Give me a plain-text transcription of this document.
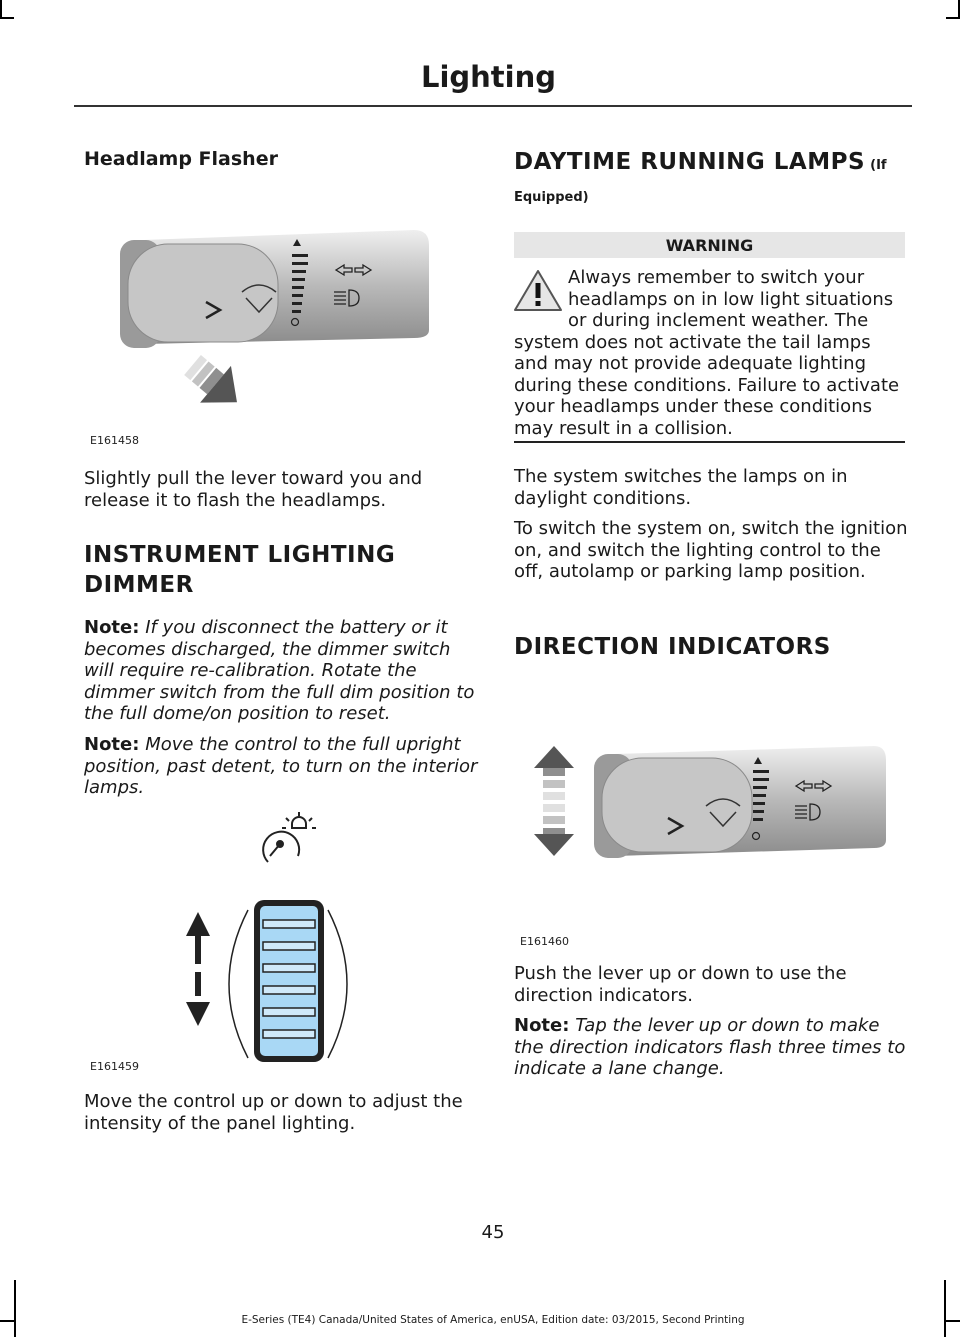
Lighting
Headlamp Flasher
E161458

Slightly pull the lever toward you and release it to flash the headlamps.

INSTRUMENT LIGHTING
DIMMER

Note: If you disconnect the battery or it becomes discharged, the dimmer switch will require re-calibration. Rotate the dimmer switch from the full dim position to the full dome/on position to reset.

Note: Move the control to the full upright position, past detent, to turn on the interior lamps.

E161459

Move the control up or down to adjust the intensity of the panel lighting.

DAYTIME RUNNING LAMPS (If
Equipped)
WARNING

Always remember to switch your headlamps on in low light situations or during inclement weather. The system does not activate the tail lamps and may not provide adequate lighting during these conditions. Failure to activate your headlamps under these conditions may result in a collision.

The system switches the lamps on in daylight conditions.

To switch the system on, switch the ignition on, and switch the lighting control to the off, autolamp or parking lamp position.

DIRECTION INDICATORS
E161460

Push the lever up or down to use the direction indicators.

Note: Tap the lever up or down to make the direction indicators flash three times to indicate a lane change.

45
E-Series (TE4) Canada/United States of America, enUSA, Edition date: 03/2015, Second Printing
